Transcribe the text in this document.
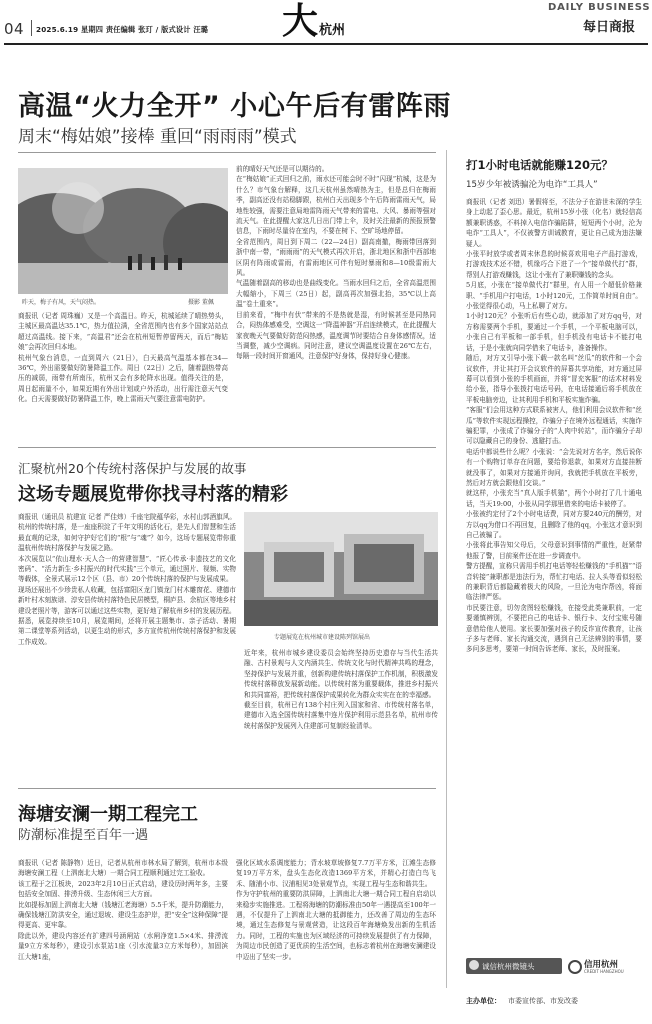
04 2025.6.19 星期四 责任编辑 张玎 / 版式设计 汪璐 大 杭州
DAILY BUSINESS
每日商报
高温“火力全开” 小心午后有雷阵雨
周末“梅姑娘”接棒 重回“雨雨雨”模式
昨天，梅子有风，天气闷热。	摄影 董佩
商报讯（记者 周珠巍）又是一个高温日。昨天，杭城延续了晴热势头，主城区最高温达35.1℃，热力值拉满，全省范围内也有多个国家站站点超过高温线。接下来，“高温君”还会在杭州短暂停留两天，而后“梅姑娘”会再次回归本地。
杭州气象台消息，一直到周六（21日），白天最高气温基本都在34—36℃，外出需要做好防暑降温工作。周日（22日）之后，随着副热带高压的减弱，雨带有所南压，杭州又会有多轮降水出现。值得关注的是，周日起雨量不小，如果近期有外出计划或户外活动，出行需注意天气变化。白天需要做好防暑降温工作，晚上雷雨天气要注意雷电防护。
前的晴好天气还是可以期待的。
在“梅姑娘”正式回归之前，雨水还可能会时不时“闪现”杭城，这是为什么？市气象台解释，这几天杭州虽然晴热为主，但是总归在梅雨季，副高还没有站稳脚跟，杭州白天出现多个午后阵雨雷雨天气，局地性较强，需要注意局地雷阵雨天气带来的雷电、大风、暴雨等强对流天气。在此提醒大家这几日出门带上伞，及时关注最新的预报预警信息，下雨时尽量待在室内，不要在树下、空旷场地停留。
全省范围内，周日到下周二（22—24日）副高南撤，梅雨带回落到浙中南一带，“雨雨雨”的天气模式再次开启，浙北地区和浙中西部地区阴有阵雨或雷雨，有雷雨地区可伴有短时暴雨和8—10级雷雨大风。
气温随着副高的移动也是曲线变化。当雨水回归之后，全省高温范围大幅缩小，下周三（25日）起，副高再次加强北抬，35℃以上高温“卷土重来”。
目前来看，“梅中有伏”带来的不是热就是湿，有时候甚至是同热同合，闷热体感难受，空调这一“降温神器”开启连续模式，在此提醒大家夜晚天气要做好防范闷热感，温度调节时要结合自身体感情况，适当调整，减少空调病。同时注意，建议空调温度设置在26℃左右，每隔一段时间开窗通风，注意保护好身体，保持好身心健康。
汇聚杭州20个传统村落保护与发展的故事
这场专题展览带你找寻村落的精彩
商报讯（通讯员 杭建宣 记者 严佳炜）千座宅院蕴华彩，水村山郭酒旗风。杭州的传统村落，是一座座积淀了千年文明的活化石，是先人们智慧和生活最直观的记录，如何守护好它们的“根”与“魂”？如今，这场专题展览带你重温杭州传统村落保护与发展之路。
本次展览以“依山理水·天人合一的营建智慧”、“匠心传承·非遗技艺的文化密码”、“活力新生·乡村振兴的时代实践”三个单元，通过照片、视频、实物等载体，全景式展示12个区（县、市）20个传统村落的保护与发展成果。
现场还展出不少珍贵私人收藏，包括富阳区龙门镇龙门村木雕窗花、建德市新叶村木刻族谱、淳安县传统村落特色民居模型，桐庐县、余杭区等地乡村建设老照片等，游客可以通过这些实物，更好地了解杭州乡村的发展历程。
据悉，展览持续至10月，展览期间，还将开展主题集市、亲子活动、暑期第二课堂等系列活动，以更生动的形式，多方宣传杭州传统村落保护和发展工作成效。
专题展览在杭州城市建设陈列馆展出
近年来，杭州市城乡建设委员会始终坚持历史遗存与当代生活共融、古村景观与人文内涵共生、传统文化与时代精神共鸣的理念，坚持保护与发展并重，创新构建传统村落保护工作机制，积极激发传统村落释放发展新动能。以传统村落为重要载体，推进乡村振兴和共同富裕，把传统村落保护成果转化为群众实实在在的幸福感。
截至目前，杭州已有138个村庄列入国家和省、市传统村落名单，建德市入选全国传统村落集中连片保护利用示范县名单，杭州市传统村落保护发展列入住建部可复制经验清单。
海塘安澜一期工程完工
防潮标准提至百年一遇
商报讯（记者 陈静物）近日，记者从杭州市林水局了解到，杭州市本级海塘安澜工程（上泗南北大塘）一期合同工程顺利通过完工验收。
该工程于之江板块，2023年2月10日正式启动，建设历时两年多，主要包括安全加固、排涝升级、生态休闲三大方面。
比如提标加固上泗南北大塘（钱塘江老海塘）5.5千米，提升防潮能力，确保钱塘江防洪安全，通过退坡、建设生态护岸，把“安全”这种保障”提得更高、更牢靠。
除此以外，建设内容还有扩建四号涵闸站（水闸净宽1.5×4米、排涝流量9立方米每秒），建设引水泵站1座（引水流量3立方米每秒），加固滨江大塘1座，
强化区域水系调度能力；背水坡草坡修复7.7万平方米，江滩生态修复19万平方米，盘头生态化改造1369平方米，并精心打造白鸟飞禾、随浦小市、汉浦相见3处景观节点，实现工程与生态和谐共生。
作为守护杭州的重要防洪屏障，上泗南北大塘一期合同工程自启动以来稳步实施推进。工程将海塘的防潮标准由50年一遇提高至100年一遇，不仅提升了上泗南北大塘的抵御能力，还改善了周边的生态环境，通过生态修复与景观营造，让这段百年海塘焕发出新的生机活力。同时，工程的实施也为区域经济的可持续发展提供了有力保障，为周边市民创造了更优质的生活空间，也标志着杭州在海塘安澜建设中迈出了坚实一步。
打1小时电话就能赚120元？
15岁少年被诱骗沦为电诈“工具人”
商报讯（记者 刘迅）暑假将至，不法分子在游世未深的学生身上动起了歪心思。最近，杭州15岁小张（化名）就轻信高额兼职诱惑，不料掉入电信诈骗陷阱，短短两个小时，沦为电诈“工具人”，不仅被警方训诫教育，更让自己成为违法嫌疑人。
小张平时放学或者周末休息的时候喜欢用电子产品打游戏，打游戏技术还不错，机缘巧合下进了一个“接单做代打”群，帮别人打游戏赚钱，这让小张有了兼职赚钱的念头。
5月底，小张在“接单做代打”群里，有人用一个超低价格兼职、“手机用户打电话，1小时120元，工作简单时间自由”。小张觉得很心动，马上私聊了对方。
1小时120元？小张听后有些心动，就添加了对方qq号，对方称需要两个手机，要通过一个手机，一个平板电脑可以，小张自己有平板和一部手机，但手机没有电话卡不能打电话，于是小张就向同学借来了电话卡，准备操作。
随后，对方又引导小张下载一款名叫“丝瓜”的软件和一个会议软件，并让其打开会议软件的屏幕共享功能，对方通过屏幕可以看到小张的手机画面，并将“冒充客服”的话术材料发给小张，指导小张拨打电话号码，在电话接通后将手机放在平板电脑旁边，让其利用手机和平板实施诈骗。
“客服”们会用这种方式联系被害人，他们利用会议软件和“丝瓜”等软件实现远程操控，诈骗分子在境外远程通话，实施诈骗犯罪，小张成了诈骗分子的“人肉中转站”，而诈骗分子却可以隐藏自己的身份、逃避打击。
电话中都说些什么呢？小张说：“会先说对方名字，然后说你有一个购物订单存在问题，要给你退款，如果对方直接挂断就没事了，如果对方接通并询问，我就把手机放在平板旁，然后对方就会跟他们交谈。”
就这样，小张充当“真人版手机猫”，两个小时打了几十通电话，当天19:00，小张从同学那里借来的电话卡被停了。
小张被约定付了2个小时电话费，同对方要240元的酬劳，对方以qq为借口不再回复，且删除了他的qq，小张这才意识到自己被骗了。
小张将此事告知父母后，父母意识到事情的严重性，赶紧带他报了警，目前案件还在进一步调查中。
警方提醒，宣称只需用手机打电话等轻松赚钱的“手机猫”“语音转接”兼职都是违法行为，帮忙打电话、拉人头等看似轻松的兼职背后都隐藏着极大的风险，一旦沦为电诈帮凶，将面临法律严惩。
市民要注意，切勿贪图轻松赚钱，在接受此类兼职前，一定要谨慎辨别，不要把自己的电话卡、银行卡、支付宝账号随意借给他人使用。家长要加强对孩子的反诈宣传教育，让孩子多与老师、家长沟通交流，遇到自己无法辨别的事情，要多问多思考，要第一时间告诉老师、家长，及时报案。
诚信杭州微镜头	信用杭州
CREDIT HANGZHOU
主办单位： 市委宣传部、市发改委
